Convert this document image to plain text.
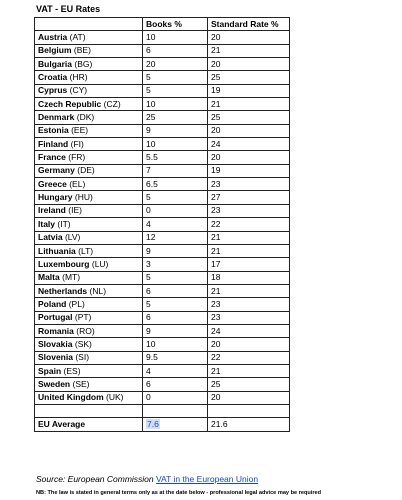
VAT - EU Rates
	Books %	Standard Rate %
Austria (AT)	10	20
Belgium (BE)	6	21
Bulgaria (BG)	20	20
Croatia (HR)	5	25
Cyprus (CY)	5	19
Czech Republic (CZ)	10	21
Denmark (DK)	25	25
Estonia (EE)	9	20
Finland (FI)	10	24
France (FR)	5.5	20
Germany (DE)	7	19
Greece (EL)	6.5	23
Hungary (HU)	5	27
Ireland (IE)	0	23
Italy (IT)	4	22
Latvia (LV)	12	21
Lithuania (LT)	9	21
Luxembourg (LU)	3	17
Malta (MT)	5	18
Netherlands (NL)	6	21
Poland (PL)	5	23
Portugal (PT)	6	23
Romania (RO)	9	24
Slovakia (SK)	10	20
Slovenia (SI)	9.5	22
Spain (ES)	4	21
Sweden (SE)	6	25
United Kingdom (UK)	0	20

EU Average	7.6	21.6
Source: European Commission VAT in the European Union
NB: The law is stated in general terms only as at the date below - professional legal advice may be required
